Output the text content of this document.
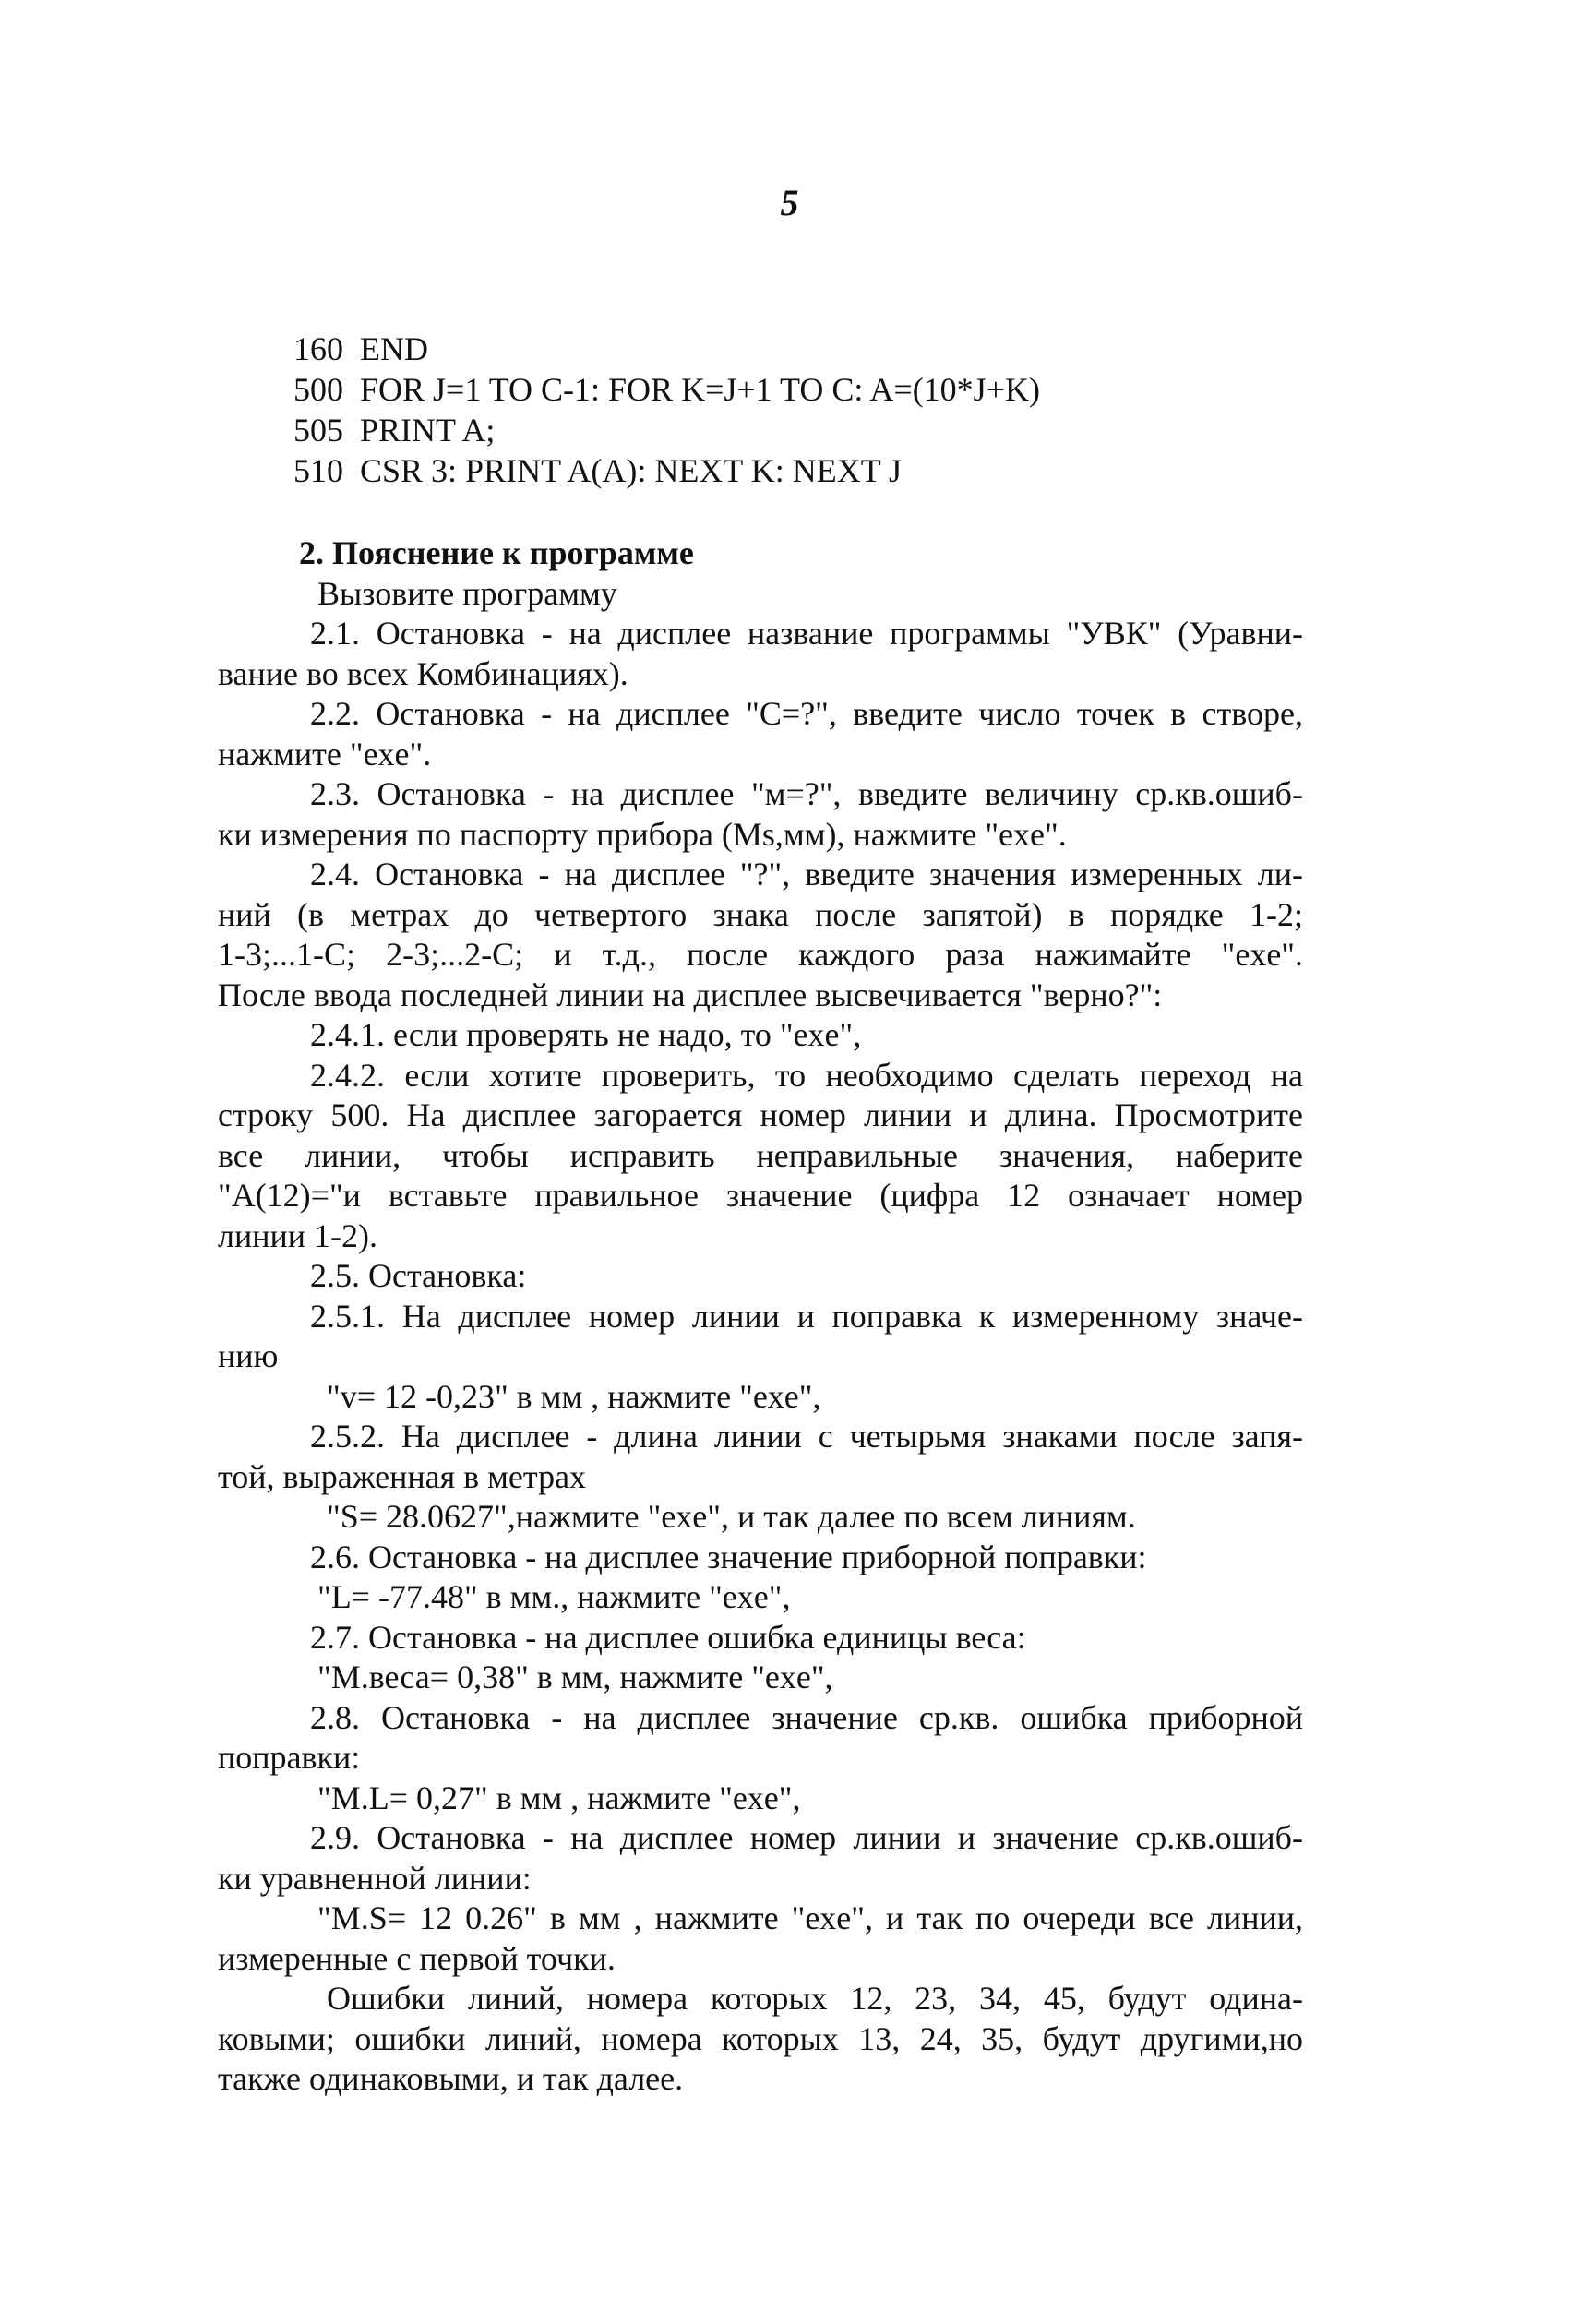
5
160  END
500  FOR J=1 TO C-1: FOR K=J+1 TO C: A=(10*J+K)
505  PRINT A;
510  CSR 3: PRINT A(A): NEXT K: NEXT J
2. Пояснение к программе
Вызовите программу
2.1. Остановка - на дисплее название программы "УВК" (Уравни-
вание во всех Комбинациях).
2.2. Остановка - на дисплее "C=?", введите число точек в створе,
нажмите "exe".
2.3. Остановка - на дисплее "м=?", введите величину ср.кв.ошиб-
ки измерения по паспорту прибора (Ms,мм), нажмите "exe".
2.4. Остановка - на дисплее "?", введите значения измеренных ли-
ний (в метрах до четвертого знака после запятой) в порядке 1-2;
1-3;...1-C; 2-3;...2-C; и т.д., после каждого раза нажимайте "exe".
После ввода последней линии на дисплее высвечивается "верно?":
2.4.1. если проверять не надо, то "exe",
2.4.2. если хотите проверить, то необходимо сделать переход на
строку 500. На дисплее загорается номер линии и длина. Просмотрите
все линии, чтобы исправить неправильные значения, наберите
"A(12)="и вставьте правильное значение (цифра 12 означает номер
линии 1-2).
2.5. Остановка:
2.5.1. На дисплее номер линии и поправка к измеренному значе-
нию
"v= 12 -0,23" в мм , нажмите "exe",
2.5.2. На дисплее - длина линии с четырьмя знаками после запя-
той, выраженная в метрах
"S= 28.0627",нажмите "exe", и так далее по всем линиям.
2.6. Остановка - на дисплее значение приборной поправки:
"L= -77.48" в мм., нажмите "exe",
2.7. Остановка - на дисплее ошибка единицы веса:
"М.веса= 0,38" в мм, нажмите "exe",
2.8. Остановка - на дисплее значение ср.кв. ошибка приборной
поправки:
"M.L= 0,27" в мм , нажмите "exe",
2.9. Остановка - на дисплее номер линии и значение ср.кв.ошиб-
ки уравненной линии:
"M.S= 12 0.26" в мм , нажмите "exe", и так по очереди все линии,
измеренные с первой точки.
Ошибки линий, номера которых 12, 23, 34, 45, будут одина-
ковыми; ошибки линий, номера которых 13, 24, 35, будут другими,но
также одинаковыми, и так далее.
